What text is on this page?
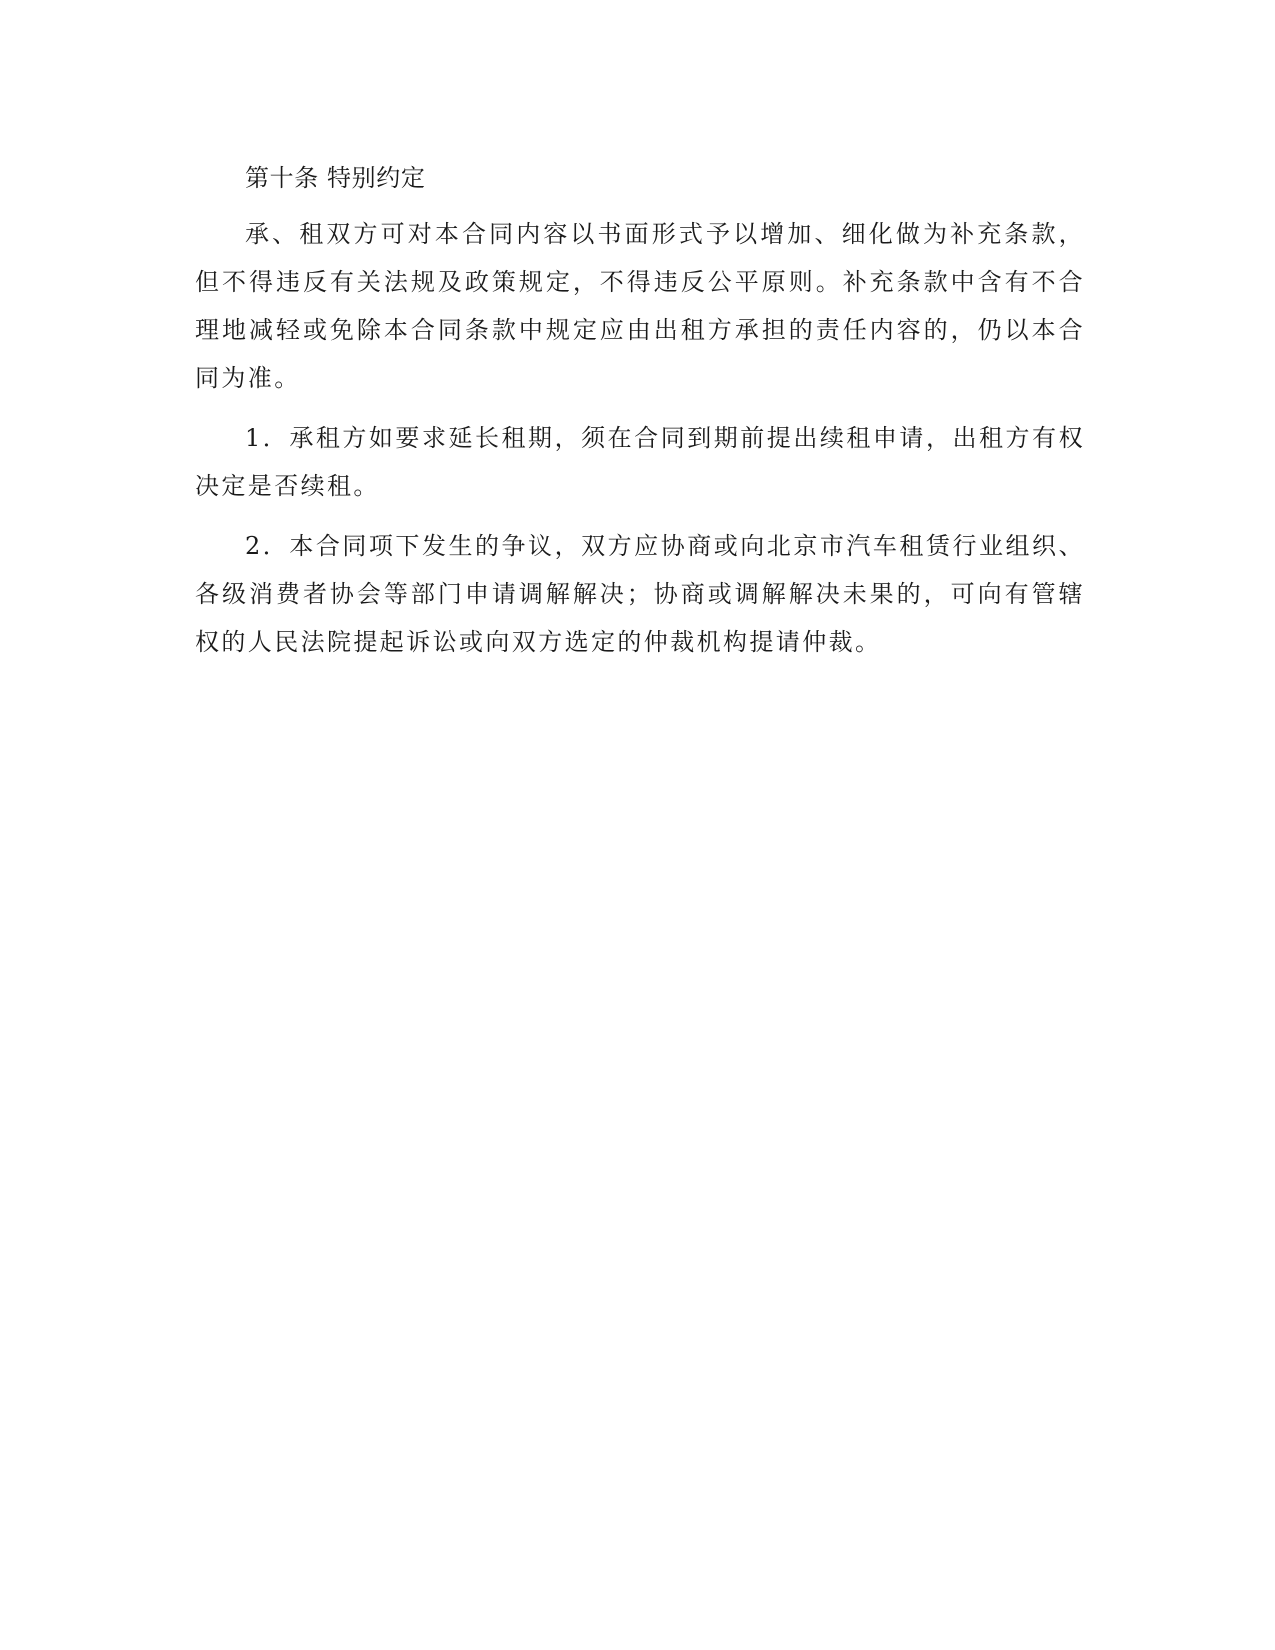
第十条 特别约定

承、租双方可对本合同内容以书面形式予以增加、细化做为补充条款，但不得违反有关法规及政策规定，不得违反公平原则。补充条款中含有不合理地减轻或免除本合同条款中规定应由出租方承担的责任内容的，仍以本合同为准。

1．承租方如要求延长租期，须在合同到期前提出续租申请，出租方有权决定是否续租。

2．本合同项下发生的争议，双方应协商或向北京市汽车租赁行业组织、各级消费者协会等部门申请调解解决；协商或调解解决未果的，可向有管辖权的人民法院提起诉讼或向双方选定的仲裁机构提请仲裁。
